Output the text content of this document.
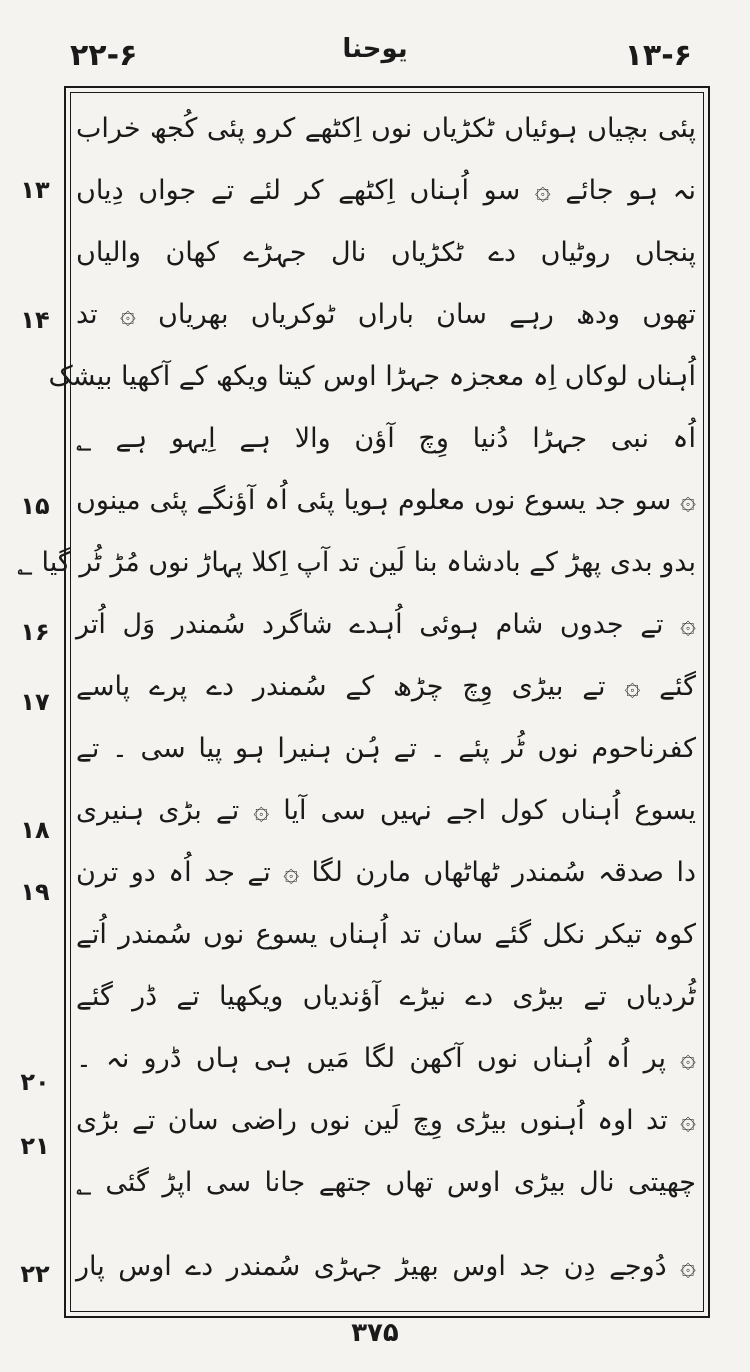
۲۲-۶	یوحنا	۱۳-۶
پئی بچیاں ہوئیاں ٹکڑیاں نوں اِکٹھے کرو پئی کُجھ خراب
نہ ہو جائے ۞ سو اُہناں اِکٹھے کر لئے تے جواں دِیاں
پنجاں روٹیاں دے ٹکڑیاں نال جہڑے کھان والیاں
تھوں ودھ رہے سان باراں ٹوکریاں بھریاں ۞ تد
اُہناں لوکاں اِہ معجزہ جہڑا اوس کیتا ویکھ کے آکھیا بیشک
اُہ نبی جہڑا دُنیا وِچ آؤن والا ہے اِیہو ہے ؂
۞ سو جد یسوع نوں معلوم ہویا پئی اُہ آؤنگے پئی مینوں
بدو بدی پھڑ کے بادشاہ بنا لَین تد آپ اِکلا پہاڑ نوں مُڑ ٹُر گیا ؂
۞ تے جدوں شام ہوئی اُہدے شاگرد سُمندر وَل اُتر
گئے ۞ تے بیڑی وِچ چڑھ کے سُمندر دے پرے پاسے
کفرناحوم نوں ٹُر پئے ۔ تے ہُن ہنیرا ہو پیا سی ۔ تے
یسوع اُہناں کول اجے نہیں سی آیا ۞ تے بڑی ہنیری
دا صدقہ سُمندر ٹھاٹھاں مارن لگا ۞ تے جد اُہ دو ترن
کوہ تیکر نکل گئے سان تد اُہناں یسوع نوں سُمندر اُتے
ٹُردیاں تے بیڑی دے نیڑے آؤندیاں ویکھیا تے ڈر گئے
۞ پر اُہ اُہناں نوں آکھن لگا مَیں ہی ہاں ڈرو نہ ۔
۞ تد اوہ اُہنوں بیڑی وِچ لَین نوں راضی سان تے بڑی
چھیتی نال بیڑی اوس تھاں جتھے جانا سی اپڑ گئی ؂
۞ دُوجے دِن جد اوس بھیڑ جہڑی سُمندر دے اوس پار
۱۳
۱۴
۱۵
۱۶
۱۷
۱۸
۱۹
۲۰
۲۱
۲۲
۳۷۵
